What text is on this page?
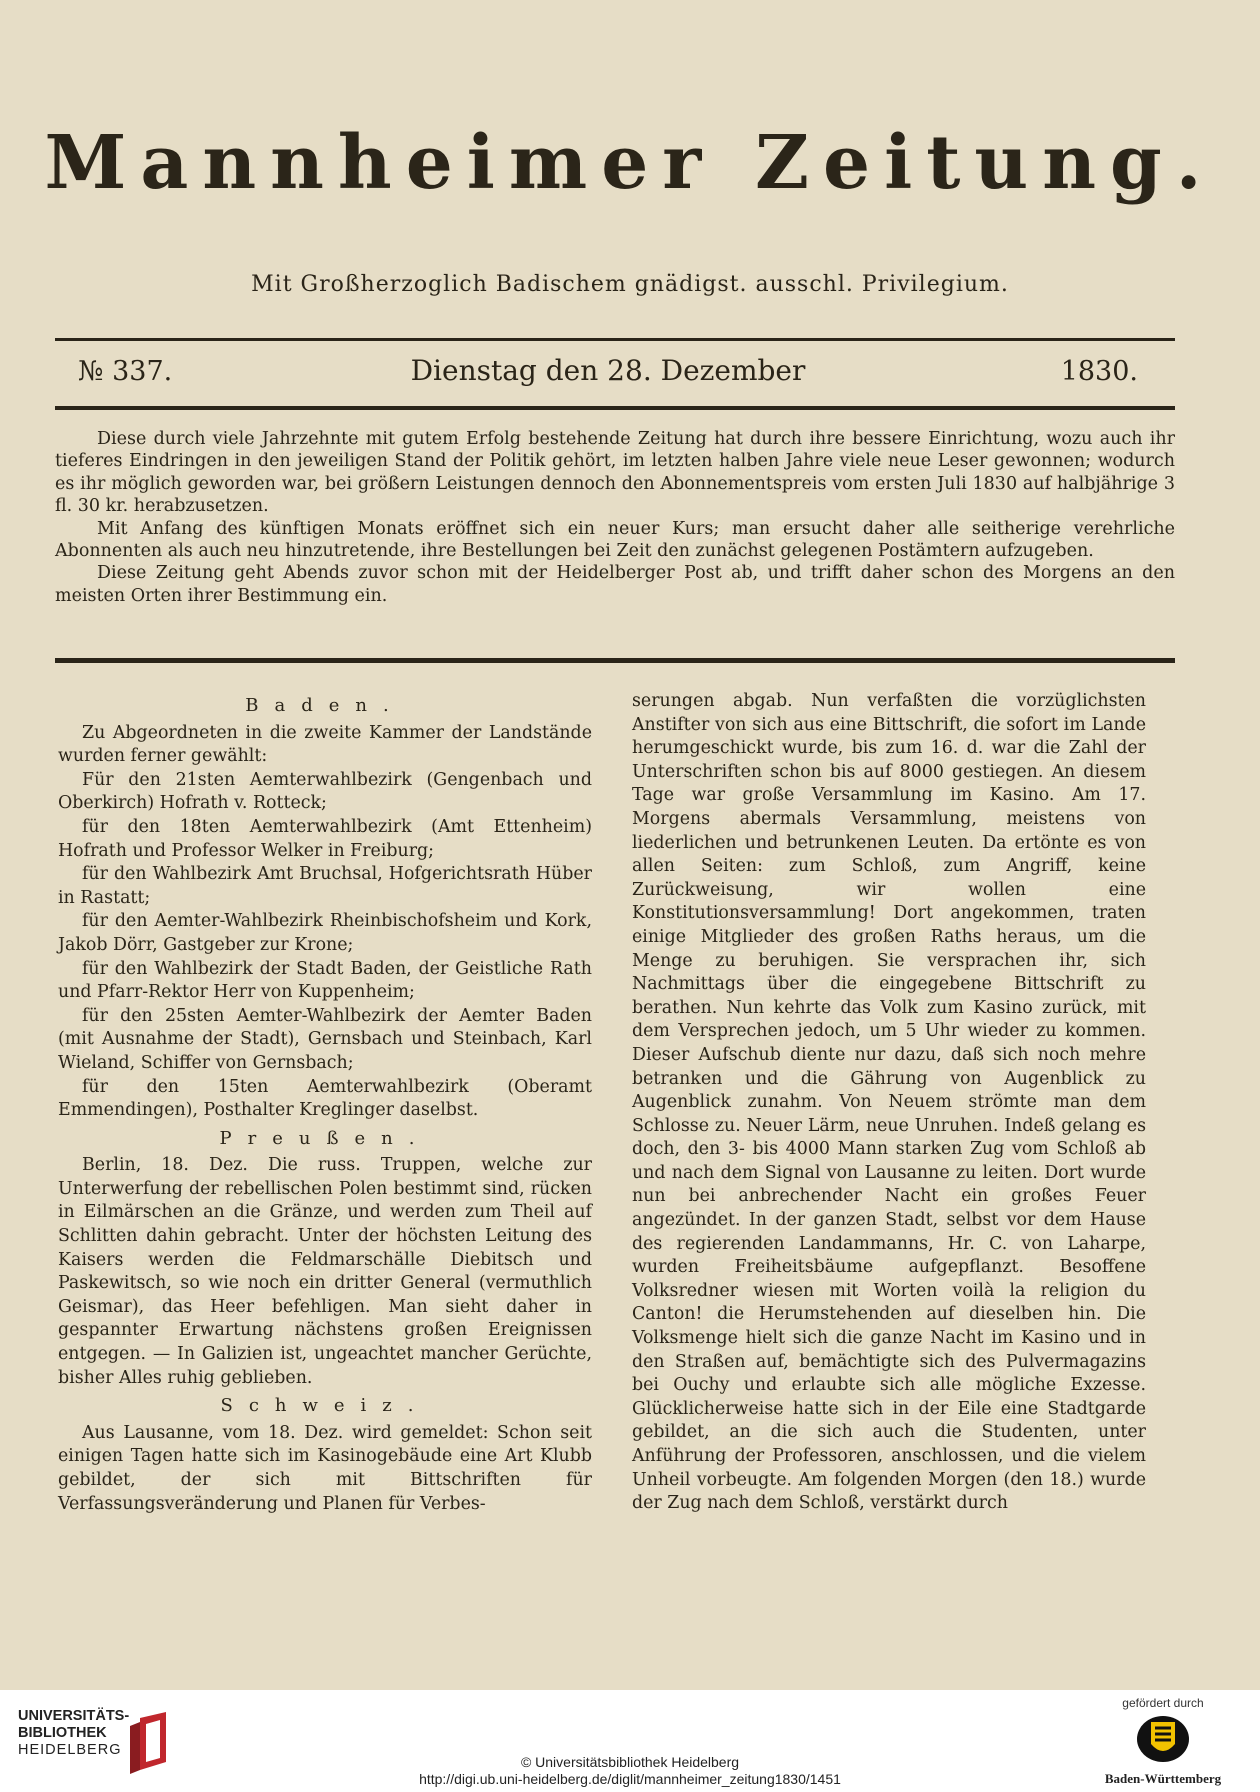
Mannheimer Zeitung.
Mit Großherzoglich Badischem gnädigst. ausschl. Privilegium.
№ 337.	Dienstag den 28. Dezember	1830.

Diese durch viele Jahrzehnte mit gutem Erfolg bestehende Zeitung hat durch ihre bessere Einrichtung, wozu auch ihr tieferes Eindringen in den jeweiligen Stand der Politik gehört, im letzten halben Jahre viele neue Leser gewonnen; wodurch es ihr möglich geworden war, bei größern Leistungen dennoch den Abonnementspreis vom ersten Juli 1830 auf halbjährige 3 fl. 30 kr. herabzusetzen.

Mit Anfang des künftigen Monats eröffnet sich ein neuer Kurs; man ersucht daher alle seitherige verehrliche Abonnenten als auch neu hinzutretende, ihre Bestellungen bei Zeit den zunächst gelegenen Postämtern aufzugeben.

Diese Zeitung geht Abends zuvor schon mit der Heidelberger Post ab, und trifft daher schon des Morgens an den meisten Orten ihrer Bestimmung ein.

Baden.

Zu Abgeordneten in die zweite Kammer der Landstände wurden ferner gewählt:

Für den 21sten Aemterwahlbezirk (Gengenbach und Oberkirch) Hofrath v. Rotteck;

für den 18ten Aemterwahlbezirk (Amt Ettenheim) Hofrath und Professor Welker in Freiburg;

für den Wahlbezirk Amt Bruchsal, Hofgerichtsrath Hüber in Rastatt;

für den Aemter-Wahlbezirk Rheinbischofsheim und Kork, Jakob Dörr, Gastgeber zur Krone;

für den Wahlbezirk der Stadt Baden, der Geistliche Rath und Pfarr-Rektor Herr von Kuppenheim;

für den 25sten Aemter-Wahlbezirk der Aemter Baden (mit Ausnahme der Stadt), Gernsbach und Steinbach, Karl Wieland, Schiffer von Gernsbach;

für den 15ten Aemterwahlbezirk (Oberamt Emmendingen), Posthalter Kreglinger daselbst.

Preußen.

Berlin, 18. Dez. Die russ. Truppen, welche zur Unterwerfung der rebellischen Polen bestimmt sind, rücken in Eilmärschen an die Gränze, und werden zum Theil auf Schlitten dahin gebracht. Unter der höchsten Leitung des Kaisers werden die Feldmarschälle Diebitsch und Paskewitsch, so wie noch ein dritter General (vermuthlich Geismar), das Heer befehligen. Man sieht daher in gespannter Erwartung nächstens großen Ereignissen entgegen. — In Galizien ist, ungeachtet mancher Gerüchte, bisher Alles ruhig geblieben.

Schweiz.

Aus Lausanne, vom 18. Dez. wird gemeldet: Schon seit einigen Tagen hatte sich im Kasinogebäude eine Art Klubb gebildet, der sich mit Bittschriften für Verfassungsveränderung und Planen für Verbes-

serungen abgab. Nun verfaßten die vorzüglichsten Anstifter von sich aus eine Bittschrift, die sofort im Lande herumgeschickt wurde, bis zum 16. d. war die Zahl der Unterschriften schon bis auf 8000 gestiegen. An diesem Tage war große Versammlung im Kasino. Am 17. Morgens abermals Versammlung, meistens von liederlichen und betrunkenen Leuten. Da ertönte es von allen Seiten: zum Schloß, zum Angriff, keine Zurückweisung, wir wollen eine Konstitutionsversammlung! Dort angekommen, traten einige Mitglieder des großen Raths heraus, um die Menge zu beruhigen. Sie versprachen ihr, sich Nachmittags über die eingegebene Bittschrift zu berathen. Nun kehrte das Volk zum Kasino zurück, mit dem Versprechen jedoch, um 5 Uhr wieder zu kommen. Dieser Aufschub diente nur dazu, daß sich noch mehre betranken und die Gährung von Augenblick zu Augenblick zunahm. Von Neuem strömte man dem Schlosse zu. Neuer Lärm, neue Unruhen. Indeß gelang es doch, den 3- bis 4000 Mann starken Zug vom Schloß ab und nach dem Signal von Lausanne zu leiten. Dort wurde nun bei anbrechender Nacht ein großes Feuer angezündet. In der ganzen Stadt, selbst vor dem Hause des regierenden Landammanns, Hr. C. von Laharpe, wurden Freiheitsbäume aufgepflanzt. Besoffene Volksredner wiesen mit Worten voilà la religion du Canton! die Herumstehenden auf dieselben hin. Die Volksmenge hielt sich die ganze Nacht im Kasino und in den Straßen auf, bemächtigte sich des Pulvermagazins bei Ouchy und erlaubte sich alle mögliche Exzesse. Glücklicherweise hatte sich in der Eile eine Stadtgarde gebildet, an die sich auch die Studenten, unter Anführung der Professoren, anschlossen, und die vielem Unheil vorbeugte. Am folgenden Morgen (den 18.) wurde der Zug nach dem Schloß, verstärkt durch

UNIVERSITÄTS-
BIBLIOTHEK
HEIDELBERG
© Universitätsbibliothek Heidelberg
http://digi.ub.uni-heidelberg.de/diglit/mannheimer_zeitung1830/1451
gefördert durch
Baden-Württemberg
